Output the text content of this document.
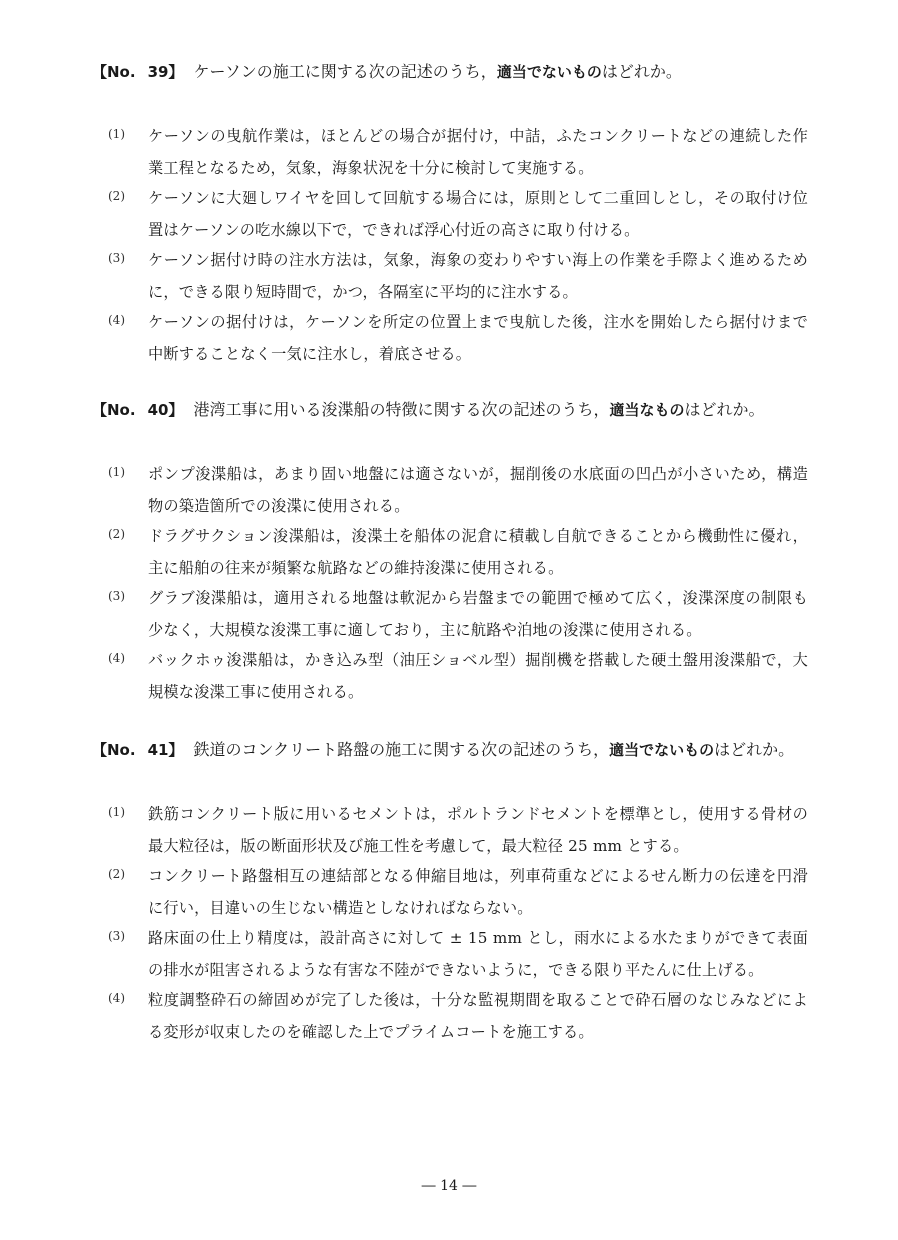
【No. 39】 ケーソンの施工に関する次の記述のうち，適当でないものはどれか。
(1)	ケーソンの曳航作業は，ほとんどの場合が据付け，中詰，ふたコンクリートなどの連続した作業工程となるため，気象，海象状況を十分に検討して実施する。
(2)	ケーソンに大廻しワイヤを回して回航する場合には，原則として二重回しとし，その取付け位置はケーソンの吃水線以下で，できれば浮心付近の高さに取り付ける。
(3)	ケーソン据付け時の注水方法は，気象，海象の変わりやすい海上の作業を手際よく進めるために，できる限り短時間で，かつ，各隔室に平均的に注水する。
(4)	ケーソンの据付けは，ケーソンを所定の位置上まで曳航した後，注水を開始したら据付けまで中断することなく一気に注水し，着底させる。
【No. 40】 港湾工事に用いる浚渫船の特徴に関する次の記述のうち，適当なものはどれか。
(1)	ポンプ浚渫船は，あまり固い地盤には適さないが，掘削後の水底面の凹凸が小さいため，構造物の築造箇所での浚渫に使用される。
(2)	ドラグサクション浚渫船は，浚渫土を船体の泥倉に積載し自航できることから機動性に優れ，主に船舶の往来が頻繁な航路などの維持浚渫に使用される。
(3)	グラブ浚渫船は，適用される地盤は軟泥から岩盤までの範囲で極めて広く，浚渫深度の制限も少なく，大規模な浚渫工事に適しており，主に航路や泊地の浚渫に使用される。
(4)	バックホゥ浚渫船は，かき込み型（油圧ショベル型）掘削機を搭載した硬土盤用浚渫船で，大規模な浚渫工事に使用される。
【No. 41】 鉄道のコンクリート路盤の施工に関する次の記述のうち，適当でないものはどれか。
(1)	鉄筋コンクリート版に用いるセメントは，ポルトランドセメントを標準とし，使用する骨材の最大粒径は，版の断面形状及び施工性を考慮して，最大粒径 25 mm とする。
(2)	コンクリート路盤相互の連結部となる伸縮目地は，列車荷重などによるせん断力の伝達を円滑に行い，目違いの生じない構造としなければならない。
(3)	路床面の仕上り精度は，設計高さに対して ± 15 mm とし，雨水による水たまりができて表面の排水が阻害されるような有害な不陸ができないように，できる限り平たんに仕上げる。
(4)	粒度調整砕石の締固めが完了した後は，十分な監視期間を取ることで砕石層のなじみなどによる変形が収束したのを確認した上でプライムコートを施工する。
― 14 ―
